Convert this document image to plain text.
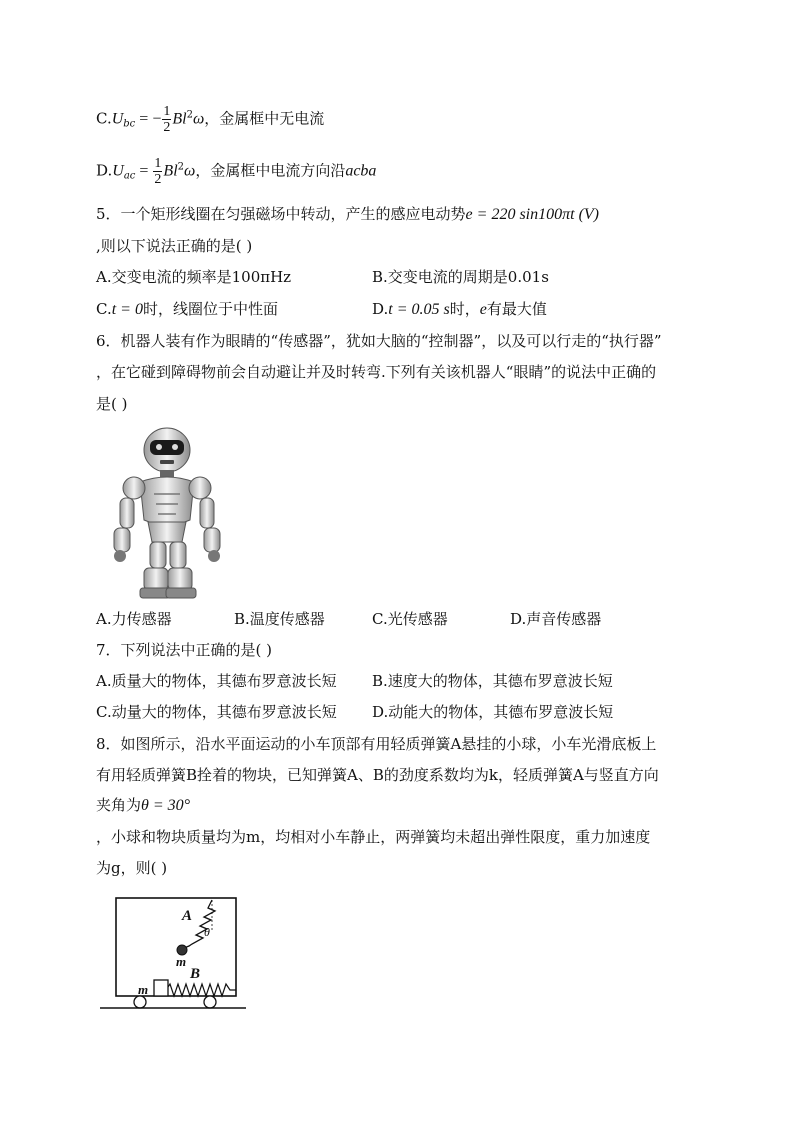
$C.U_{bc}$ = − $\frac{1}{2} Bl^2\omega$，金属框中无电流
$D.U_{ac} = \frac{1}{2} Bl^2\omega$，金属框中电流方向沿acba
5．一个矩形线圈在匀强磁场中转动，产生的感应电动势e = 220 sin100πt (V)
,则以下说法正确的是( )
A.交变电流的频率是100πHz	B.交变电流的周期是0.01s
C.t = 0时，线圈位于中性面	D.t = 0.05 s时，e有最大值
6．机器人装有作为眼睛的“传感器”，犹如大脑的“控制器”，以及可以行走的“执行器”
，在它碰到障碍物前会自动避让并及时转弯.下列有关该机器人“眼睛”的说法中正确的
是( )
A.力传感器	B.温度传感器	C.光传感器	D.声音传感器
7．下列说法中正确的是( )
A.质量大的物体，其德布罗意波长短 B.速度大的物体，其德布罗意波长短
C.动量大的物体，其德布罗意波长短 D.动能大的物体，其德布罗意波长短
8．如图所示，沿水平面运动的小车顶部有用轻质弹簧A悬挂的小球，小车光滑底板上
有用轻质弹簧B拴着的物块，已知弹簧A、B的劲度系数均为k，轻质弹簧A与竖直方向
夹角为θ = 30°
，小球和物块质量均为m，均相对小车静止，两弹簧均未超出弹性限度，重力加速度
为g，则( )
A
θ
m
B
m
